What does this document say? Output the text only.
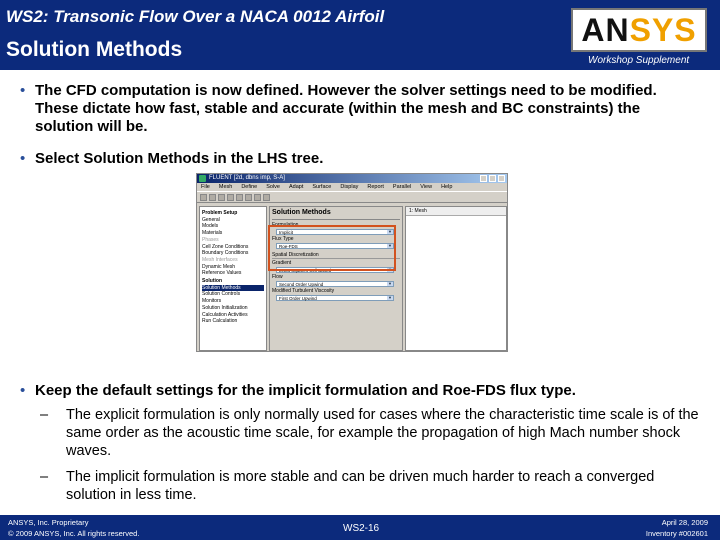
WS2: Transonic Flow Over a NACA 0012 Airfoil
Solution Methods
ANSYS
Workshop Supplement
• The CFD computation is now defined. However the solver settings need to be modified. These dictate how fast, stable and accurate (within the mesh and BC constraints) the solution will be.
• Select Solution Methods in the LHS tree.
FLUENT [2d, dbns imp, S-A]
File Mesh Define Solve Adapt Surface Display Report Parallel View Help
Problem Setup
General
Models
Materials
Phases
Cell Zone Conditions
Boundary Conditions
Mesh Interfaces
Dynamic Mesh
Reference Values
Solution
Solution Methods
Solution Controls
Monitors
Solution Initialization
Calculation Activities
Run Calculation
Solution Methods
Formulation
Implicit	▼
Flux Type
Roe-FDS	▼
Spatial Discretization
Gradient
Least Squares Cell Based	▼
Flow
Second Order Upwind	▼
Modified Turbulent Viscosity
First Order Upwind	▼
1: Mesh
• Keep the default settings for the implicit formulation and Roe-FDS flux type.
–	The explicit formulation is only normally used for cases where the characteristic time scale is of the same order as the acoustic time scale, for example the propagation of high Mach number shock waves.
–	The implicit formulation is more stable and can be driven much harder to reach a converged solution in less time.
ANSYS, Inc. Proprietary
© 2009 ANSYS, Inc. All rights reserved.	WS2-16
April 28, 2009
Inventory #002601
